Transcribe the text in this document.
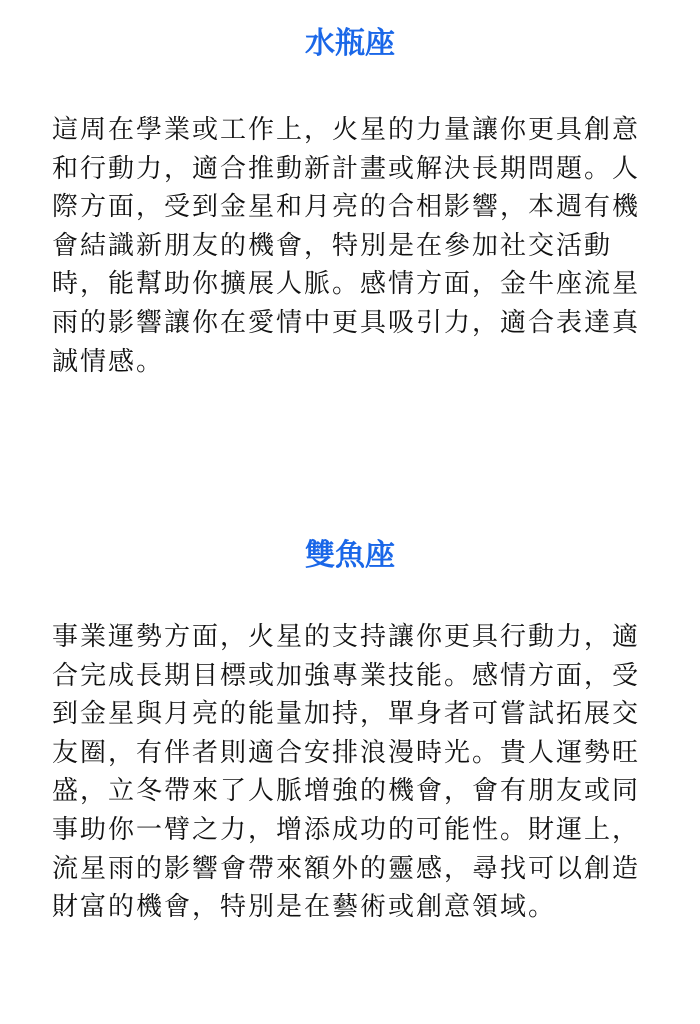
水瓶座

這周在學業或工作上，火星的力量讓你更具創意和行動力，適合推動新計畫或解決長期問題。人際方面，受到金星和月亮的合相影響，本週有機會結識新朋友的機會，特別是在參加社交活動時，能幫助你擴展人脈。感情方面，金牛座流星雨的影響讓你在愛情中更具吸引力，適合表達真誠情感。

雙魚座

事業運勢方面，火星的支持讓你更具行動力，適合完成長期目標或加強專業技能。感情方面，受到金星與月亮的能量加持，單身者可嘗試拓展交友圈，有伴者則適合安排浪漫時光。貴人運勢旺盛，立冬帶來了人脈增強的機會，會有朋友或同事助你一臂之力，增添成功的可能性。財運上，流星雨的影響會帶來額外的靈感，尋找可以創造財富的機會，特別是在藝術或創意領域。
